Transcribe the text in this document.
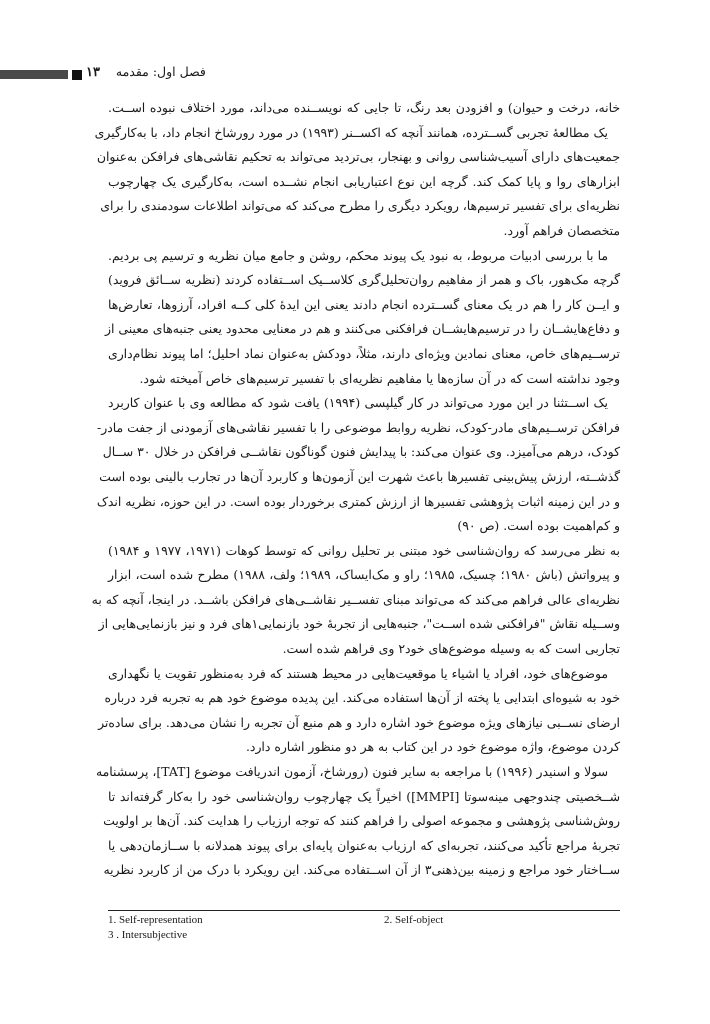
فصل اول: مقدمه    ۱۳
خانه، درخت و حیوان) و افزودن بعد رنگ، تا جایی که نویســنده می‌داند، مورد اختلاف نبوده اســت.
یک مطالعهٔ تجربی گســترده، همانند آنچه که اکســنر (۱۹۹۳) در مورد رورشاخ انجام داد، با به‌کارگیری
جمعیت‌های دارای آسیب‌شناسی روانی و بهنجار، بی‌تردید می‌تواند به تحکیم نقاشی‌های فرافکن به‌عنوان
ابزارهای روا و پایا کمک کند. گرچه این نوع اعتباریابی انجام نشــده است، به‌کارگیری یک چهارچوب
نظریه‌ای برای تفسیر ترسیم‌ها، رویکرد دیگری را مطرح می‌کند که می‌تواند اطلاعات سودمندی را برای
متخصصان فراهم آورد.
ما با بررسی ادبیات مربوط، به نبود یک پیوند محکم، روشن و جامع میان نظریه و ترسیم پی بردیم.
گرچه مک‌هور، باک و همر از مفاهیم روان‌تحلیل‌گری کلاســیک اســتفاده کردند (نظریه ســائق فروید)
و ایــن کار را هم در یک معنای گســترده انجام دادند یعنی این ایدهٔ کلی کــه افراد، آرزوها، تعارض‌ها
و دفاع‌هایشــان را در ترسیم‌هایشــان فرافکنی می‌کنند و هم در معنایی محدود یعنی جنبه‌های معینی از
ترســیم‌های خاص، معنای نمادین ویژه‌ای دارند، مثلاً، دودکش به‌عنوان نماد احلیل؛ اما پیوند نظام‌داری
وجود نداشته است که در آن سازه‌ها یا مفاهیم نظریه‌ای با تفسیر ترسیم‌های خاص آمیخته شود.
یک اســتثنا در این مورد می‌تواند در کار گیلپسی (۱۹۹۴) یافت شود که مطالعه وی با عنوان کاربرد
فرافکن ترســیم‌های مادر-کودک، نظریه روابط موضوعی را با تفسیر نقاشی‌های آزمودنی از جفت مادر-
کودک، درهم می‌آمیزد. وی عنوان می‌کند: با پیدایش فنون گوناگون نقاشــی فرافکن در خلال ۳۰ ســال
گذشــته، ارزش پیش‌بینی تفسیرها باعث شهرت این آزمون‌ها و کاربرد آن‌ها در تجارب بالینی بوده است
و در این زمینه اثبات پژوهشی تفسیرها از ارزش کمتری برخوردار بوده است. در این حوزه، نظریه اندک
و کم‌اهمیت بوده است. (ص ۹۰)
به نظر می‌رسد که روان‌شناسی خود مبتنی بر تحلیل روانی که توسط کوهات (۱۹۷۱، ۱۹۷۷ و ۱۹۸۴)
و پیرواتش (باش ۱۹۸۰؛ چسیک، ۱۹۸۵؛ راو و مک‌ایساک، ۱۹۸۹؛ ولف، ۱۹۸۸) مطرح شده است، ابزار
نظریه‌ای عالی فراهم می‌کند که می‌تواند مبنای تفســیر نقاشــی‌های فرافکن باشــد. در اینجا، آنچه که به
وســیله نقاش "فرافکنی شده اســت"، جنبه‌هایی از تجربهٔ خود بازنمایی‌۱های فرد و نیز بازنمایی‌هایی از
تجاربی است که به وسیله موضوع‌های خود۲ وی فراهم شده است.
موضوع‌های خود، افراد یا اشیاء یا موقعیت‌هایی در محیط هستند که فرد به‌منظور تقویت یا نگهداری
خود به شیوه‌ای ابتدایی یا پخته از آن‌ها استفاده می‌کند. این پدیده موضوع خود هم به تجربه فرد درباره
ارضای نســبی نیازهای ویژه موضوع خود اشاره دارد و هم منبع آن تجربه را نشان می‌دهد. برای ساده‌تر
کردن موضوع، واژه موضوع خود در این کتاب به هر دو منظور اشاره دارد.
سولا و اسنیدر (۱۹۹۶) با مراجعه به سایر فنون (رورشاخ، آزمون اندریافت موضوع [TAT]، پرسشنامه
شــخصیتی چندوجهی مینه‌سوتا [MMPI]) اخیراً یک چهارچوب روان‌شناسی خود را به‌کار گرفته‌اند تا
روش‌شناسی پژوهشی و مجموعه اصولی را فراهم کنند که توجه ارزیاب را هدایت کند. آن‌ها بر اولویت
تجربهٔ مراجع تأکید می‌کنند، تجربه‌ای که ارزیاب به‌عنوان پایه‌ای برای پیوند همدلانه با ســازمان‌دهی یا
ســاختار خود مراجع و زمینه بین‌ذهنی۳ از آن اســتفاده می‌کند. این رویکرد با درک من از کاربرد نظریه
1. Self-representation	2. Self-object
3 . Intersubjective
